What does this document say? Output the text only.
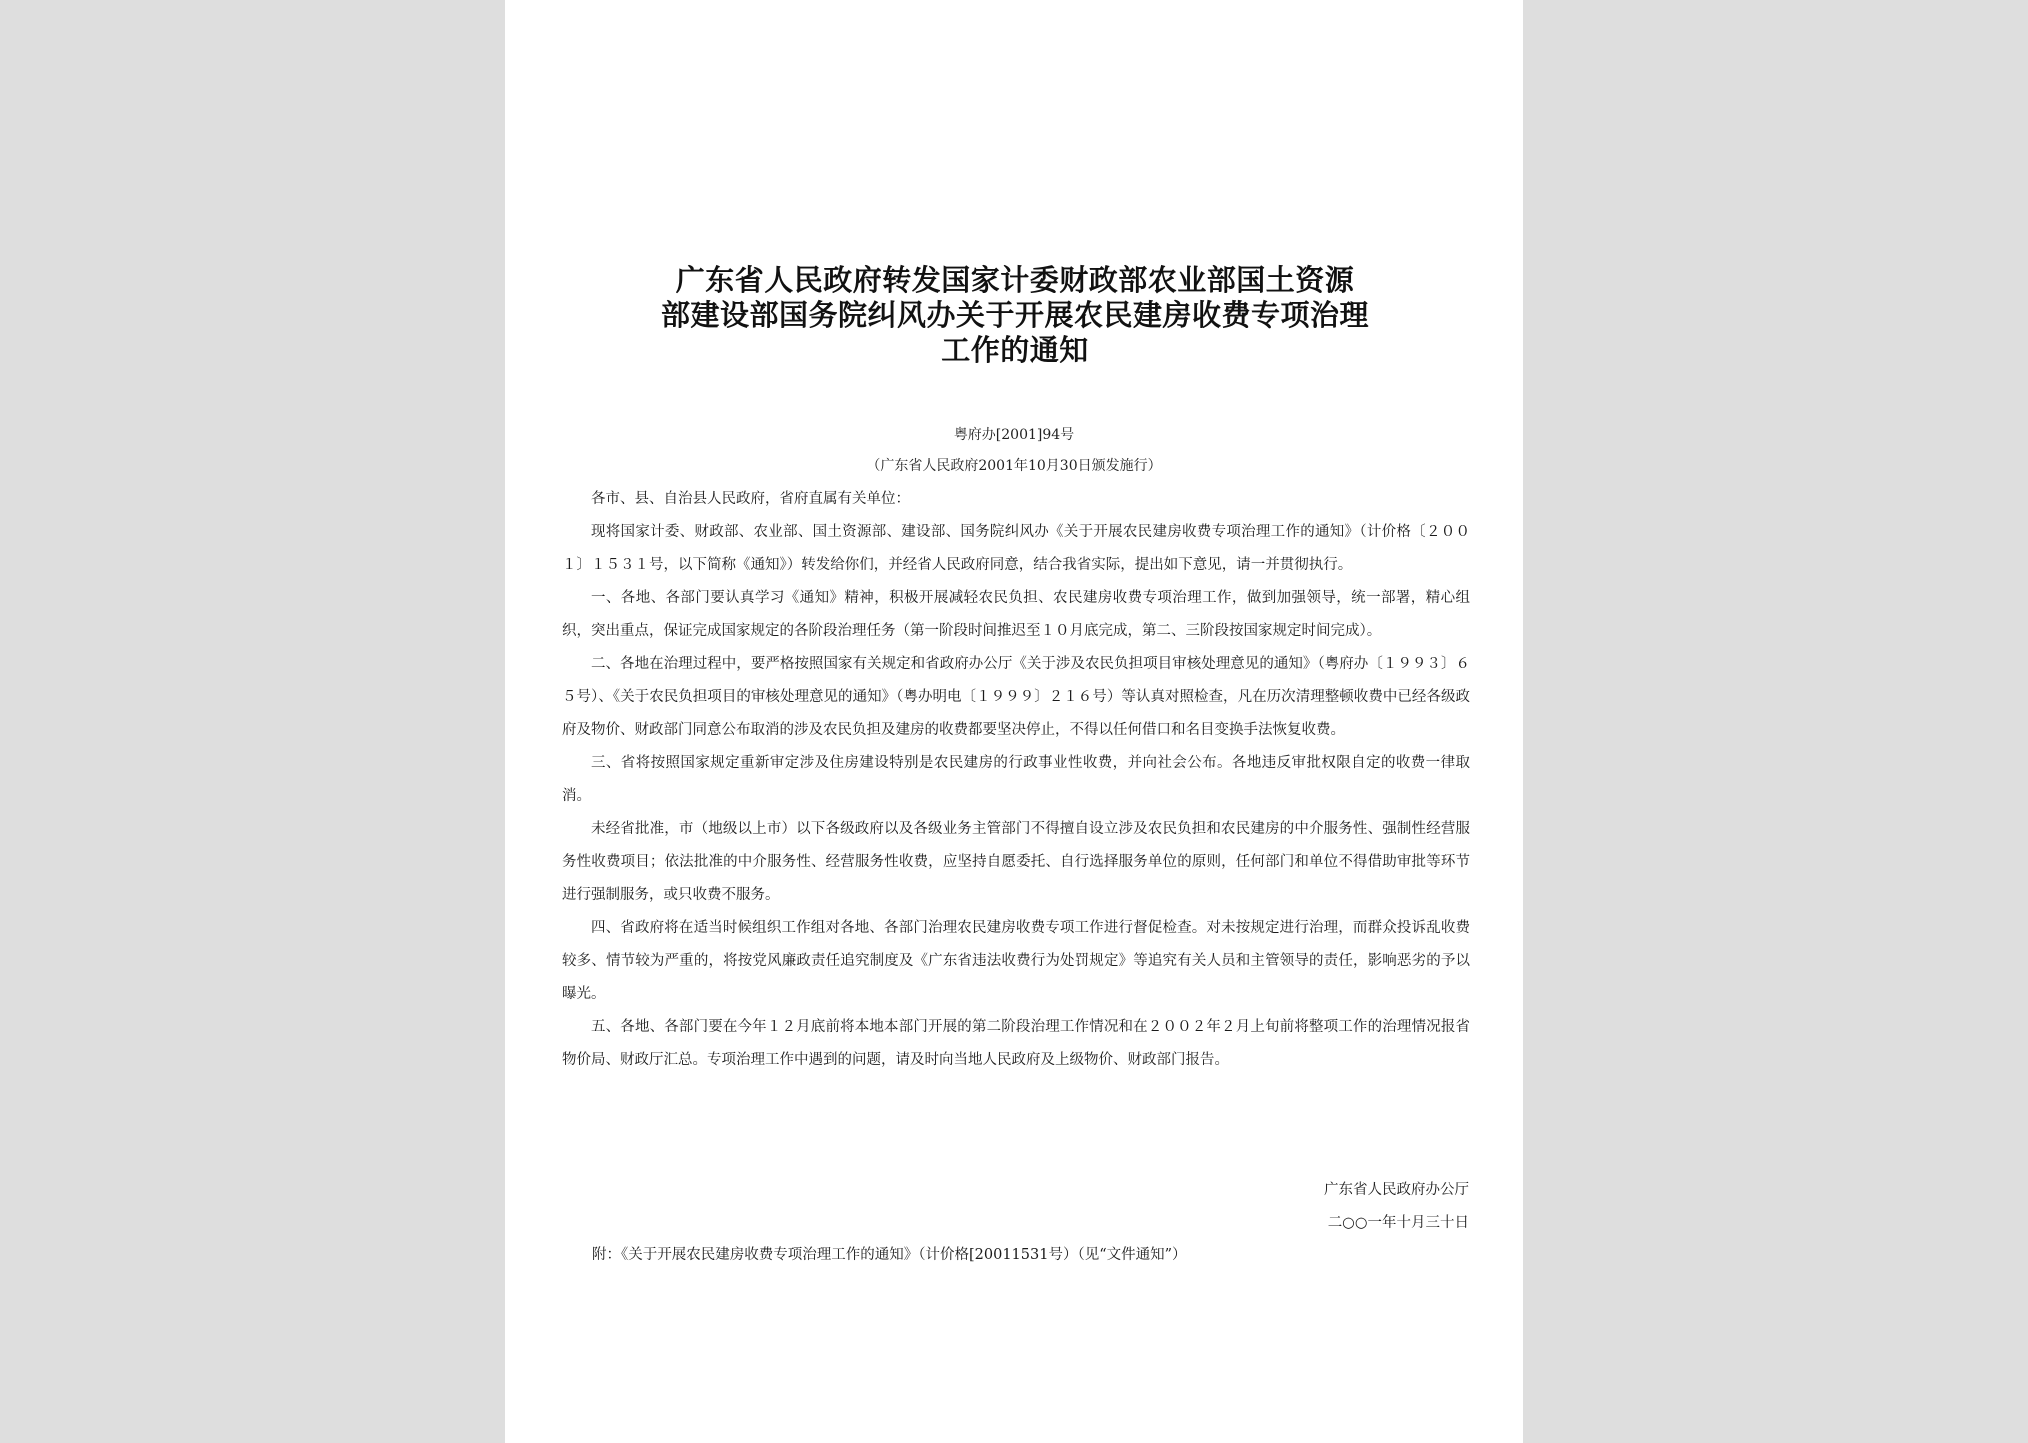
广东省人民政府转发国家计委财政部农业部国土资源
部建设部国务院纠风办关于开展农民建房收费专项治理
工作的通知
粤府办[2001]94号
（广东省人民政府2001年10月30日颁发施行）

各市、县、自治县人民政府，省府直属有关单位：

现将国家计委、财政部、农业部、国土资源部、建设部、国务院纠风办《关于开展农民建房收费专项治理工作的通知》（计价格〔２００１〕１５３１号，以下简称《通知》）转发给你们，并经省人民政府同意，结合我省实际，提出如下意见，请一并贯彻执行。

一、各地、各部门要认真学习《通知》精神，积极开展减轻农民负担、农民建房收费专项治理工作，做到加强领导，统一部署，精心组织，突出重点，保证完成国家规定的各阶段治理任务（第一阶段时间推迟至１０月底完成，第二、三阶段按国家规定时间完成）。

二、各地在治理过程中，要严格按照国家有关规定和省政府办公厅《关于涉及农民负担项目审核处理意见的通知》（粤府办〔１９９３〕６５号）、《关于农民负担项目的审核处理意见的通知》（粤办明电〔１９９９〕２１６号）等认真对照检查，凡在历次清理整顿收费中已经各级政府及物价、财政部门同意公布取消的涉及农民负担及建房的收费都要坚决停止，不得以任何借口和名目变换手法恢复收费。

三、省将按照国家规定重新审定涉及住房建设特别是农民建房的行政事业性收费，并向社会公布。各地违反审批权限自定的收费一律取消。

未经省批准，市（地级以上市）以下各级政府以及各级业务主管部门不得擅自设立涉及农民负担和农民建房的中介服务性、强制性经营服务性收费项目；依法批准的中介服务性、经营服务性收费，应坚持自愿委托、自行选择服务单位的原则，任何部门和单位不得借助审批等环节进行强制服务，或只收费不服务。

四、省政府将在适当时候组织工作组对各地、各部门治理农民建房收费专项工作进行督促检查。对未按规定进行治理，而群众投诉乱收费较多、情节较为严重的，将按党风廉政责任追究制度及《广东省违法收费行为处罚规定》等追究有关人员和主管领导的责任，影响恶劣的予以曝光。

五、各地、各部门要在今年１２月底前将本地本部门开展的第二阶段治理工作情况和在２００２年２月上旬前将整项工作的治理情况报省物价局、财政厅汇总。专项治理工作中遇到的问题，请及时向当地人民政府及上级物价、财政部门报告。

广东省人民政府办公厅
二○○一年十月三十日
附：《关于开展农民建房收费专项治理工作的通知》（计价格[20011531号）（见“文件通知”）
